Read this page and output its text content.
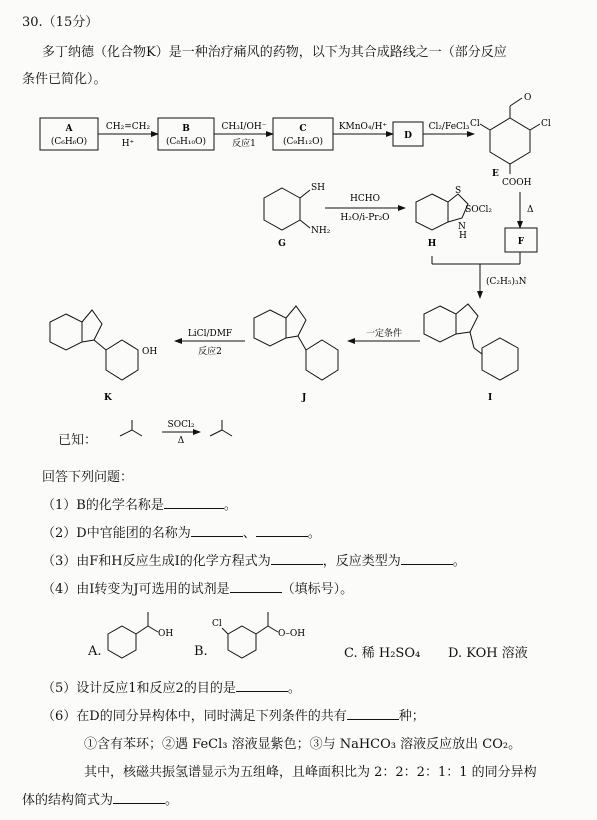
30.（15分）
多丁纳德（化合物K）是一种治疗痛风的药物，以下为其合成路线之一（部分反应
条件已简化）。
A
(C₆H₆O)
B
(C₈H₁₀O)
C
(C₉H₁₂O)
D
CH₂=CH₂
H⁺
CH₃I/OH⁻
反应1
KMnO₄/H⁺	Cl₂/FeCl₃
O
Cl	Cl
E
COOH
SOCl₂	Δ
F
SH
NH₂
G
HCHO
H₂O/i-Pr₂O
S
N
H
H
(C₂H₅)₃N
I
一定条件
J
LiCl/DMF
反应2
OH
K
已知：
SOCl₂
Δ
回答下列问题：
（1）B的化学名称是	。
（2）D中官能团的名称为	、	。
（3）由F和H反应生成I的化学方程式为	，反应类型为	。
（4）由I转变为J可选用的试剂是	（填标号）。
A.
OH
B.
Cl
O–OH
C. 稀 H₂SO₄ D. KOH 溶液
（5）设计反应1和反应2的目的是	。
（6）在D的同分异构体中，同时满足下列条件的共有	种；
①含有苯环；②遇 FeCl₃ 溶液显紫色；③与 NaHCO₃ 溶液反应放出 CO₂。
其中，核磁共振氢谱显示为五组峰，且峰面积比为 2：2：2：1：1 的同分异构
体的结构简式为	。
